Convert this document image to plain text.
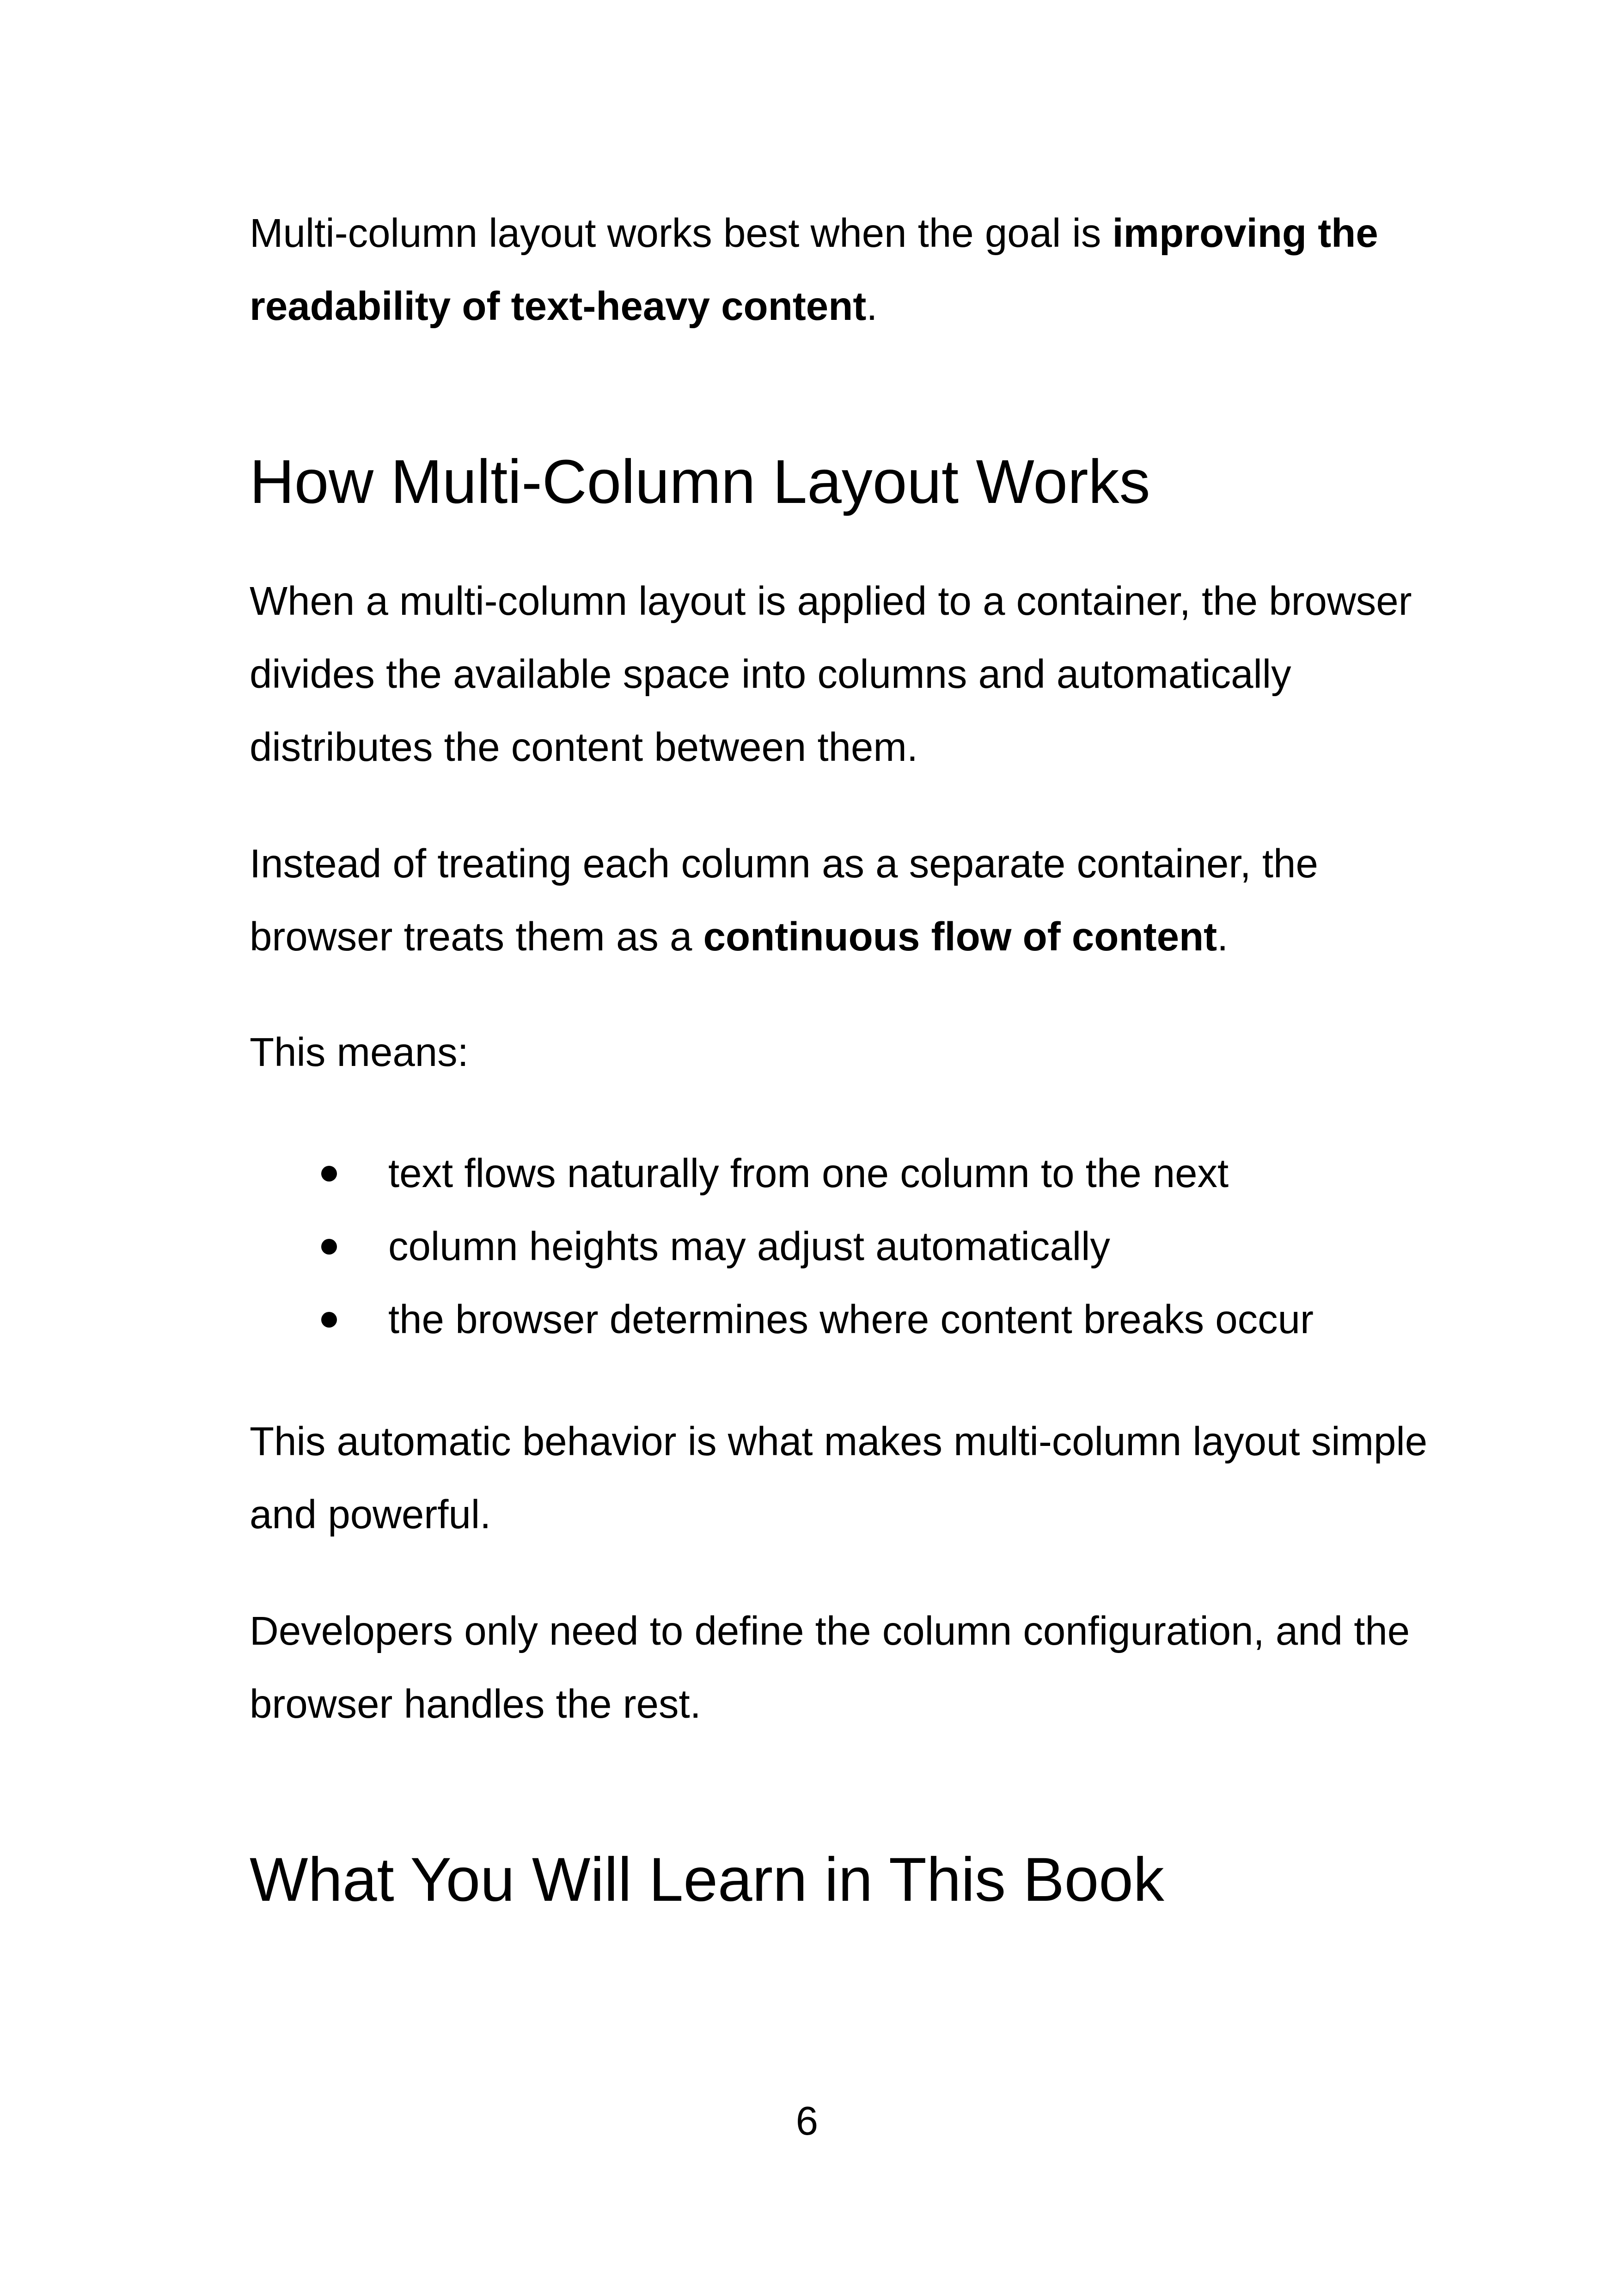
Multi-column layout works best when the goal is improving the readability of text-heavy content.

How Multi-Column Layout Works

When a multi-column layout is applied to a container, the browser divides the available space into columns and automatically distributes the content between them.

Instead of treating each column as a separate container, the browser treats them as a continuous flow of content.

This means:

text flows naturally from one column to the next
column heights may adjust automatically
the browser determines where content breaks occur

This automatic behavior is what makes multi-column layout simple and powerful.

Developers only need to define the column configuration, and the browser handles the rest.

What You Will Learn in This Book
6
